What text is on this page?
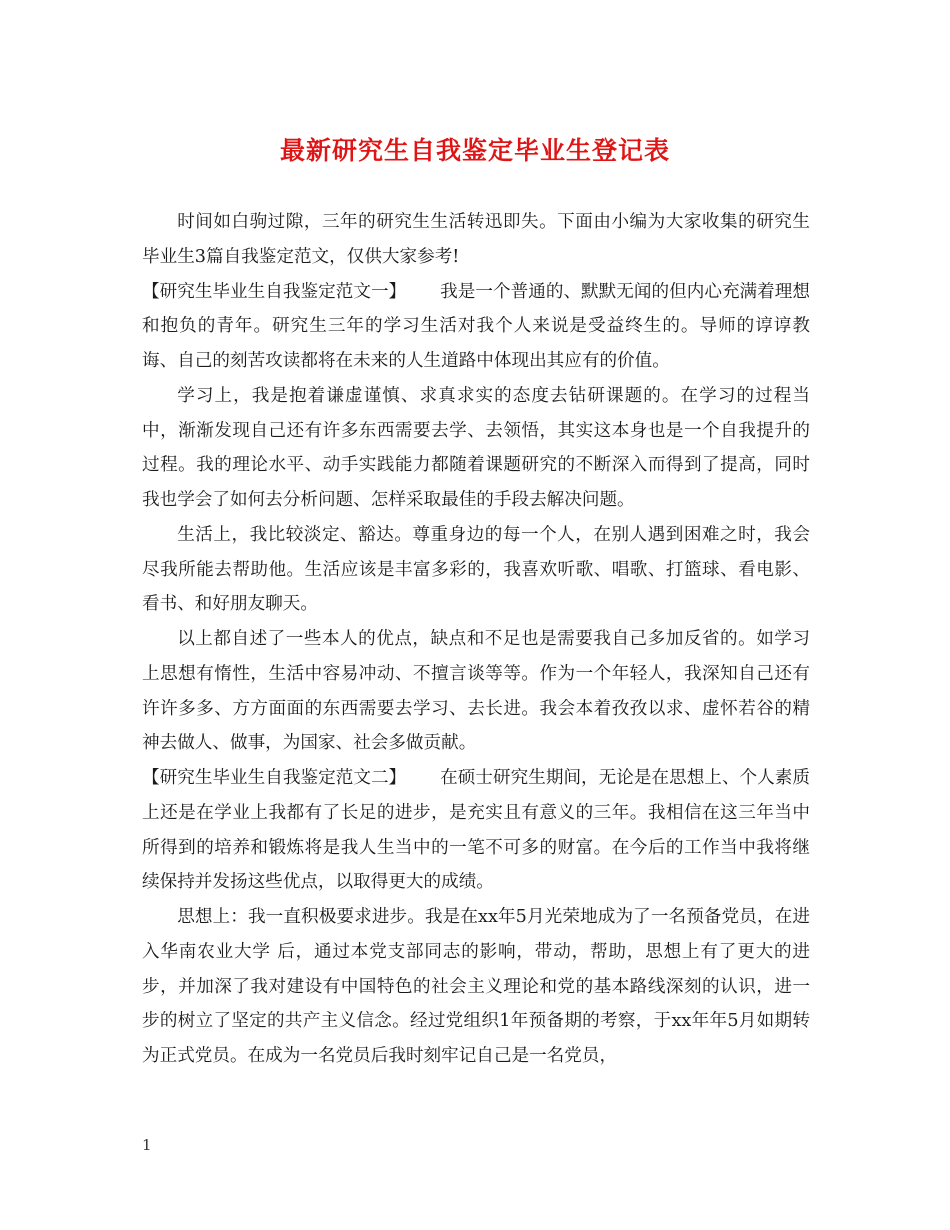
最新研究生自我鉴定毕业生登记表

时间如白驹过隙，三年的研究生生活转迅即失。下面由小编为大家收集的研究生毕业生3篇自我鉴定范文，仅供大家参考!

【研究生毕业生自我鉴定范文一】 我是一个普通的、默默无闻的但内心充满着理想和抱负的青年。研究生三年的学习生活对我个人来说是受益终生的。导师的谆谆教诲、自己的刻苦攻读都将在未来的人生道路中体现出其应有的价值。

学习上，我是抱着谦虚谨慎、求真求实的态度去钻研课题的。在学习的过程当中，渐渐发现自己还有许多东西需要去学、去领悟，其实这本身也是一个自我提升的过程。我的理论水平、动手实践能力都随着课题研究的不断深入而得到了提高，同时我也学会了如何去分析问题、怎样采取最佳的手段去解决问题。

生活上，我比较淡定、豁达。尊重身边的每一个人，在别人遇到困难之时，我会尽我所能去帮助他。生活应该是丰富多彩的，我喜欢听歌、唱歌、打篮球、看电影、看书、和好朋友聊天。

以上都自述了一些本人的优点，缺点和不足也是需要我自己多加反省的。如学习上思想有惰性，生活中容易冲动、不擅言谈等等。作为一个年轻人，我深知自己还有许许多多、方方面面的东西需要去学习、去长进。我会本着孜孜以求、虚怀若谷的精神去做人、做事，为国家、社会多做贡献。

【研究生毕业生自我鉴定范文二】 在硕士研究生期间，无论是在思想上、个人素质上还是在学业上我都有了长足的进步，是充实且有意义的三年。我相信在这三年当中所得到的培养和锻炼将是我人生当中的一笔不可多的财富。在今后的工作当中我将继续保持并发扬这些优点，以取得更大的成绩。

思想上：我一直积极要求进步。我是在xx年5月光荣地成为了一名预备党员，在进入华南农业大学 后，通过本党支部同志的影响，带动，帮助，思想上有了更大的进步，并加深了我对建设有中国特色的社会主义理论和党的基本路线深刻的认识，进一步的树立了坚定的共产主义信念。经过党组织1年预备期的考察，于xx年年5月如期转为正式党员。在成为一名党员后我时刻牢记自己是一名党员，

1
